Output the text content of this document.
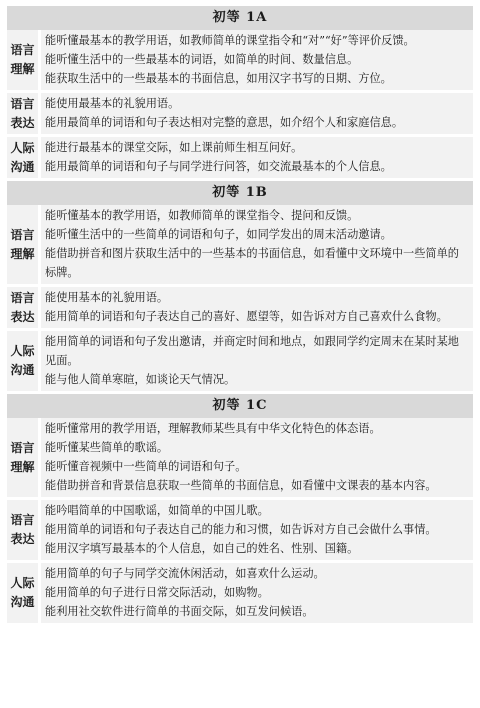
初等 1A
语言理解

能听懂最基本的教学用语，如教师简单的课堂指令和“对”“好”等评价反馈。

能听懂生活中的一些最基本的词语，如简单的时间、数量信息。

能获取生活中的一些最基本的书面信息，如用汉字书写的日期、方位。

语言表达

能使用最基本的礼貌用语。

能用最简单的词语和句子表达相对完整的意思，如介绍个人和家庭信息。

人际沟通

能进行最基本的课堂交际，如上课前师生相互问好。

能用最简单的词语和句子与同学进行问答，如交流最基本的个人信息。

初等 1B
语言理解

能听懂基本的教学用语，如教师简单的课堂指令、提问和反馈。

能听懂生活中的一些简单的词语和句子，如同学发出的周末活动邀请。

能借助拼音和图片获取生活中的一些基本的书面信息，如看懂中文环境中一些简单的标牌。

语言表达

能使用基本的礼貌用语。

能用简单的词语和句子表达自己的喜好、愿望等，如告诉对方自己喜欢什么食物。

人际沟通

能用简单的词语和句子发出邀请，并商定时间和地点，如跟同学约定周末在某时某地见面。

能与他人简单寒暄，如谈论天气情况。

初等 1C
语言理解

能听懂常用的教学用语，理解教师某些具有中华文化特色的体态语。

能听懂某些简单的歌谣。

能听懂音视频中一些简单的词语和句子。

能借助拼音和背景信息获取一些简单的书面信息，如看懂中文课表的基本内容。

语言表达

能吟唱简单的中国歌谣，如简单的中国儿歌。

能用简单的词语和句子表达自己的能力和习惯，如告诉对方自己会做什么事情。

能用汉字填写最基本的个人信息，如自己的姓名、性别、国籍。

人际沟通

能用简单的句子与同学交流休闲活动，如喜欢什么运动。

能用简单的句子进行日常交际活动，如购物。

能利用社交软件进行简单的书面交际，如互发问候语。
